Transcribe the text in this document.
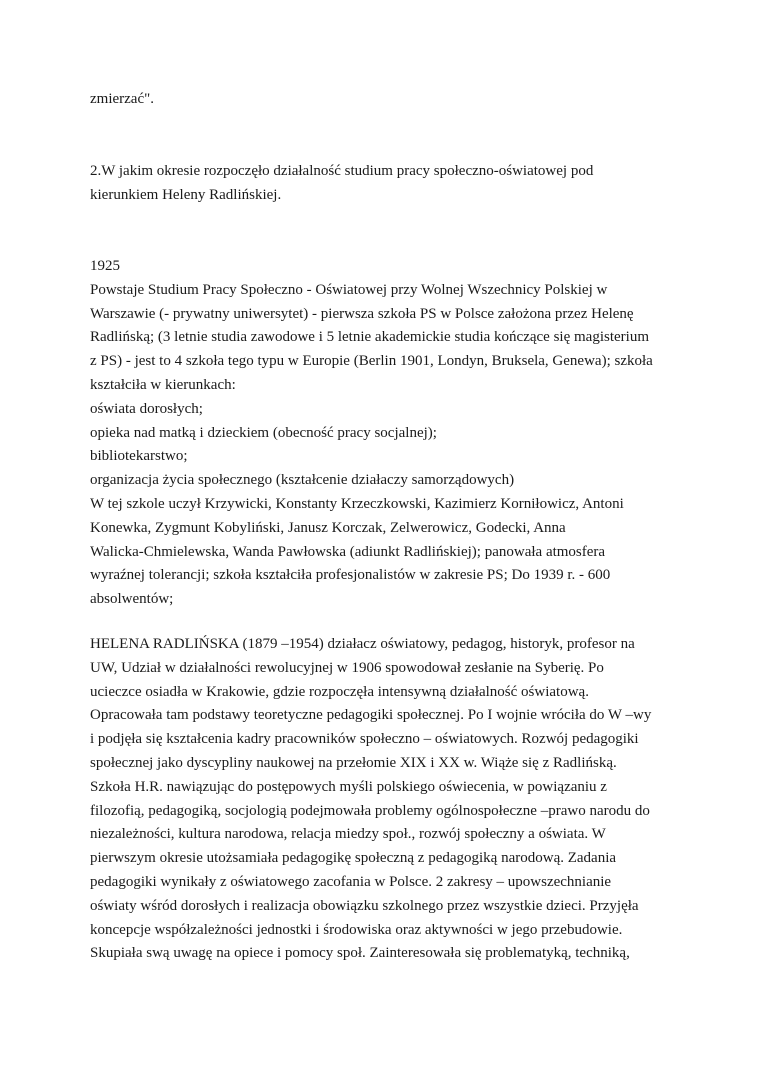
zmierzać".
2.W jakim okresie rozpoczęło działalność studium pracy społeczno-oświatowej pod
kierunkiem Heleny Radlińskiej.
1925
Powstaje Studium Pracy Społeczno - Oświatowej przy Wolnej Wszechnicy Polskiej w
Warszawie (- prywatny uniwersytet) - pierwsza szkoła PS w Polsce założona przez Helenę
Radlińską; (3 letnie studia zawodowe i 5 letnie akademickie studia kończące się magisterium
z PS) - jest to 4 szkoła tego typu w Europie (Berlin 1901, Londyn, Bruksela, Genewa); szkoła
kształciła w kierunkach:
oświata dorosłych;
opieka nad matką i dzieckiem (obecność pracy socjalnej);
bibliotekarstwo;
organizacja życia społecznego (kształcenie działaczy samorządowych)
W tej szkole uczył Krzywicki, Konstanty Krzeczkowski, Kazimierz Korniłowicz, Antoni
Konewka, Zygmunt Kobyliński, Janusz Korczak, Zelwerowicz, Godecki, Anna
Walicka-Chmielewska, Wanda Pawłowska (adiunkt Radlińskiej); panowała atmosfera
wyraźnej tolerancji; szkoła kształciła profesjonalistów w zakresie PS; Do 1939 r. - 600
absolwentów;
HELENA RADLIŃSKA (1879 –1954) działacz oświatowy, pedagog, historyk, profesor na
UW, Udział w działalności rewolucyjnej w 1906 spowodował zesłanie na Syberię. Po
ucieczce osiadła w Krakowie, gdzie rozpoczęła intensywną działalność oświatową.
Opracowała tam podstawy teoretyczne pedagogiki społecznej. Po I wojnie wróciła do W –wy
i podjęła się kształcenia kadry pracowników społeczno – oświatowych. Rozwój pedagogiki
społecznej jako dyscypliny naukowej na przełomie XIX i XX w. Wiąże się z Radlińską.
Szkoła H.R. nawiązując do postępowych myśli polskiego oświecenia, w powiązaniu z
filozofią, pedagogiką, socjologią podejmowała problemy ogólnospołeczne –prawo narodu do
niezależności, kultura narodowa, relacja miedzy społ., rozwój społeczny a oświata. W
pierwszym okresie utożsamiała pedagogikę społeczną z pedagogiką narodową. Zadania
pedagogiki wynikały z oświatowego zacofania w Polsce. 2 zakresy – upowszechnianie
oświaty wśród dorosłych i realizacja obowiązku szkolnego przez wszystkie dzieci. Przyjęła
koncepcje współzależności jednostki i środowiska oraz aktywności w jego przebudowie.
Skupiała swą uwagę na opiece i pomocy społ. Zainteresowała się problematyką, techniką,
